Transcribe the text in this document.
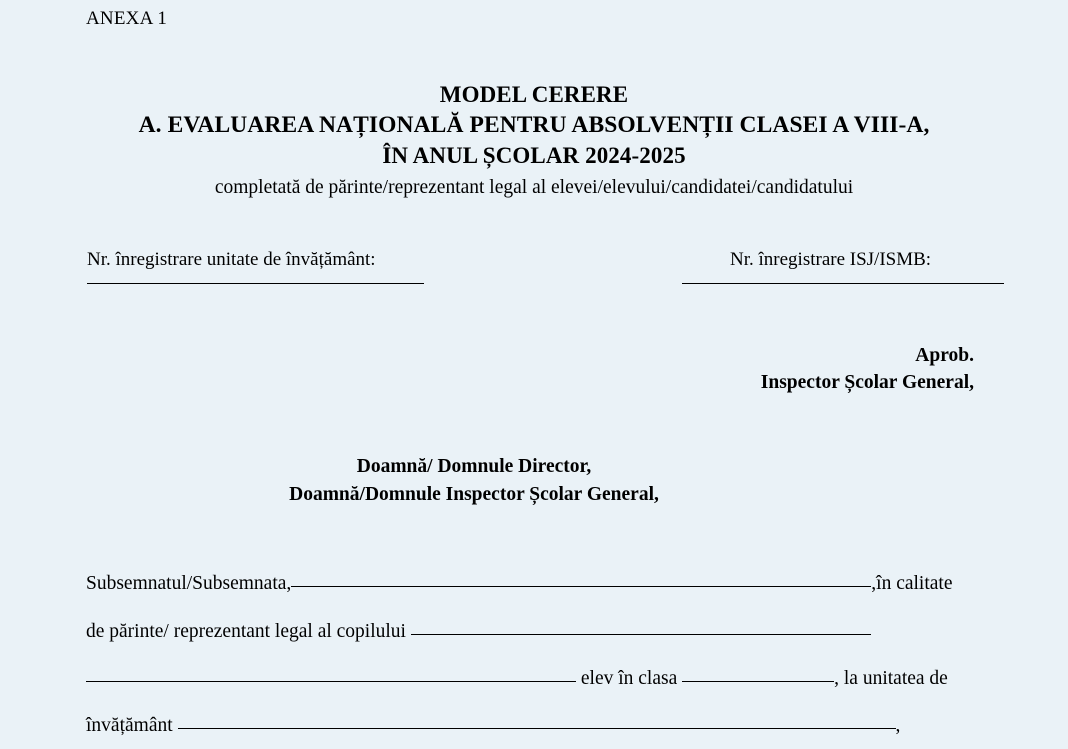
ANEXA 1
MODEL CERERE
A. EVALUAREA NAȚIONALĂ PENTRU ABSOLVENȚII CLASEI A VIII-A,
ÎN ANUL ȘCOLAR 2024-2025
completată de părinte/reprezentant legal al elevei/elevului/candidatei/candidatului
Nr. înregistrare unitate de învățământ:	Nr. înregistrare ISJ/ISMB:
Aprob.
Inspector Școlar General,
Doamnă/ Domnule Director,
Doamnă/Domnule Inspector Școlar General,
Subsemnatul/Subsemnata,	,în calitate
de părinte/ reprezentant legal al copilului
elev în clasa	, la unitatea de
învățământ	,
